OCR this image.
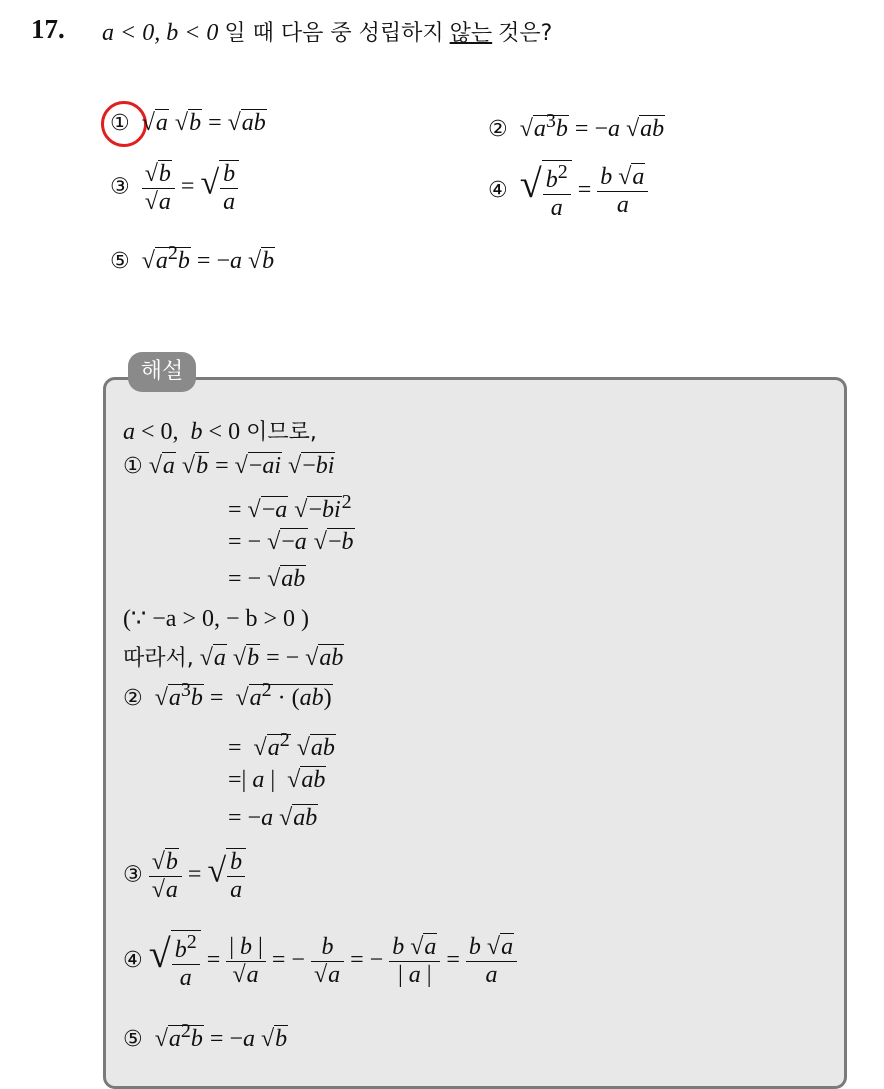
17. a < 0, b < 0 일 때 다음 중 성립하지 않는 것은?
①  √a √b = √ab	②  $√a^3b = -a$ √ab
③ $\frac{√b}{√a}$ = √ $\frac{b}{a}$	④ √ $\frac{b^2}{a} = \frac{b √a}{a}$
⑤  $√a^2b = -a$ √b
해설
a < 0,  b < 0 이므로,
① √a √b = √−ai √−bi
= √−a $√-bi^2$
= − √−a √−b
= − √ab
(∵ −a > 0, − b > 0 )
따라서, √a √b = − √ab
②  $√a^3b = √a^2 \cdot (ab)$
=  $√a^2$ √ab
=| a |  √ab
= −a √ab
③ $\frac{√b}{√a}$ = √ $\frac{b}{a}$
④ √ $\frac{b^2}{a} = \frac{| b |}{√a}$ = − $\frac{b}{√a}$ = − $\frac{b √a}{| a |} = \frac{b √a}{a}$
⑤  $√a^2b = -a$ √b
